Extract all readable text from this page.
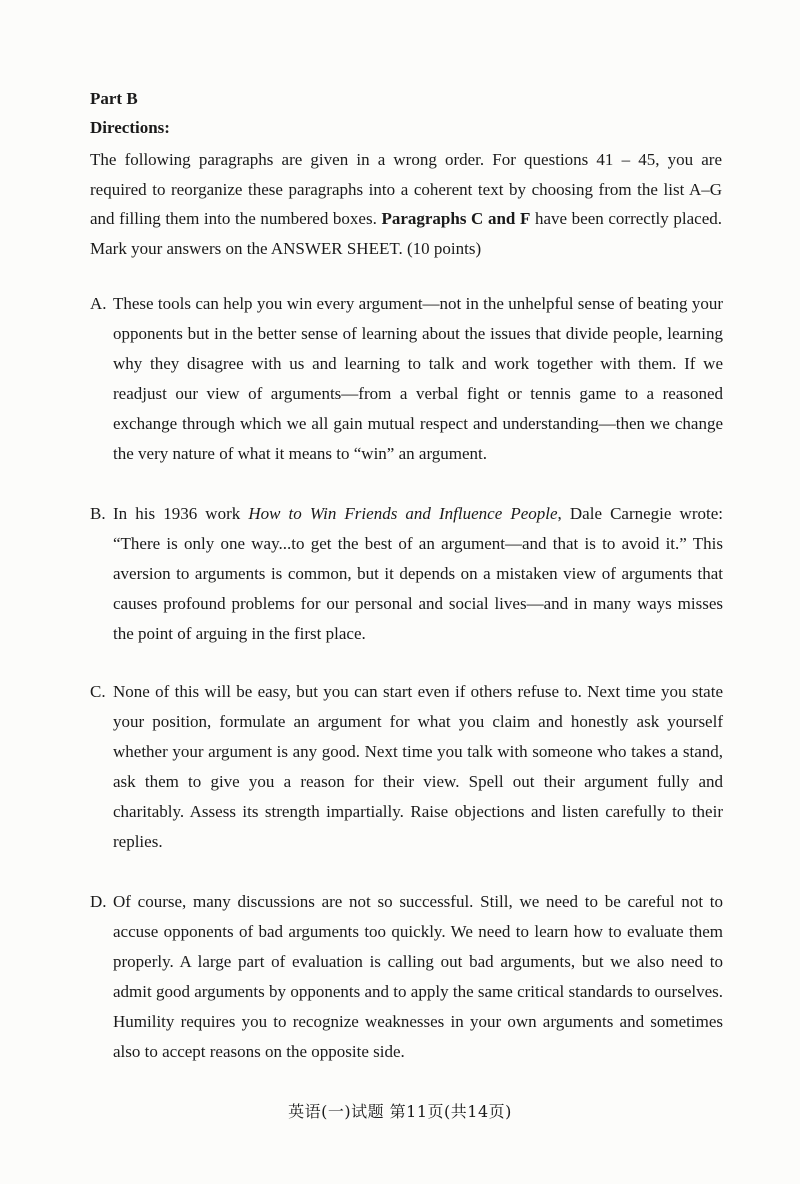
Part B
Directions:
The following paragraphs are given in a wrong order. For questions 41 – 45, you are required to reorganize these paragraphs into a coherent text by choosing from the list A–G and filling them into the numbered boxes. Paragraphs C and F have been correctly placed. Mark your answers on the ANSWER SHEET. (10 points)
A. These tools can help you win every argument—not in the unhelpful sense of beating your opponents but in the better sense of learning about the issues that divide people, learning why they disagree with us and learning to talk and work together with them. If we readjust our view of arguments—from a verbal fight or tennis game to a reasoned exchange through which we all gain mutual respect and understanding—then we change the very nature of what it means to “win” an argument.
B. In his 1936 work How to Win Friends and Influence People, Dale Carnegie wrote: “There is only one way...to get the best of an argument—and that is to avoid it.” This aversion to arguments is common, but it depends on a mistaken view of arguments that causes profound problems for our personal and social lives—and in many ways misses the point of arguing in the first place.
C. None of this will be easy, but you can start even if others refuse to. Next time you state your position, formulate an argument for what you claim and honestly ask yourself whether your argument is any good. Next time you talk with someone who takes a stand, ask them to give you a reason for their view. Spell out their argument fully and charitably. Assess its strength impartially. Raise objections and listen carefully to their replies.
D. Of course, many discussions are not so successful. Still, we need to be careful not to accuse opponents of bad arguments too quickly. We need to learn how to evaluate them properly. A large part of evaluation is calling out bad arguments, but we also need to admit good arguments by opponents and to apply the same critical standards to ourselves. Humility requires you to recognize weaknesses in your own arguments and sometimes also to accept reasons on the opposite side.
英语(一)试题 第11页(共14页)
